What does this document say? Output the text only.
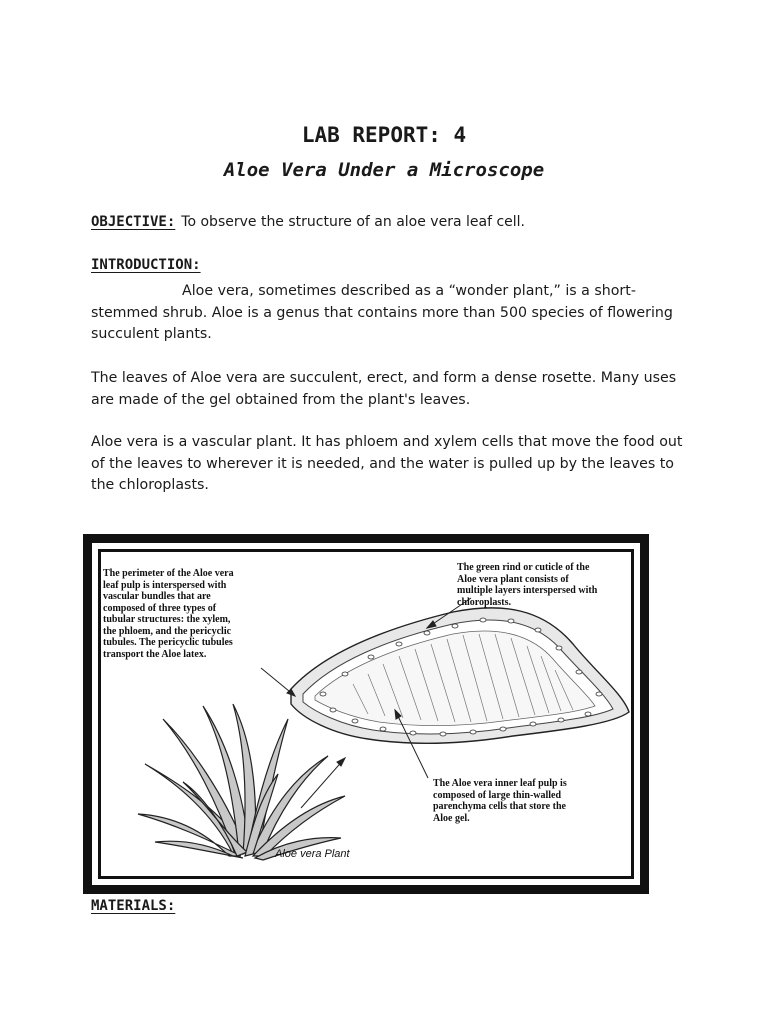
LAB REPORT: 4
Aloe Vera Under a Microscope
OBJECTIVE: To observe the structure of an aloe vera leaf cell.
INTRODUCTION:
Aloe vera, sometimes described as a “wonder plant,” is a short-
stemmed shrub. Aloe is a genus that contains more than 500 species of flowering
succulent plants.
The leaves of Aloe vera are succulent, erect, and form a dense rosette. Many uses
are made of the gel obtained from the plant's leaves.
Aloe vera is a vascular plant. It has phloem and xylem cells that move the food out
of the leaves to wherever it is needed, and the water is pulled up by the leaves to
the chloroplasts.
The perimeter of the Aloe vera
leaf pulp is interspersed with
vascular bundles that are
composed of three types of
tubular structures: the xylem,
the phloem, and the pericyclic
tubules. The pericyclic tubules
transport the Aloe latex.
The green rind or cuticle of the
Aloe vera plant consists of
multiple layers interspersed with
chloroplasts.
The Aloe vera inner leaf pulp is
composed of large thin-walled
parenchyma cells that store the
Aloe gel.
Aloe vera Plant
MATERIALS:
